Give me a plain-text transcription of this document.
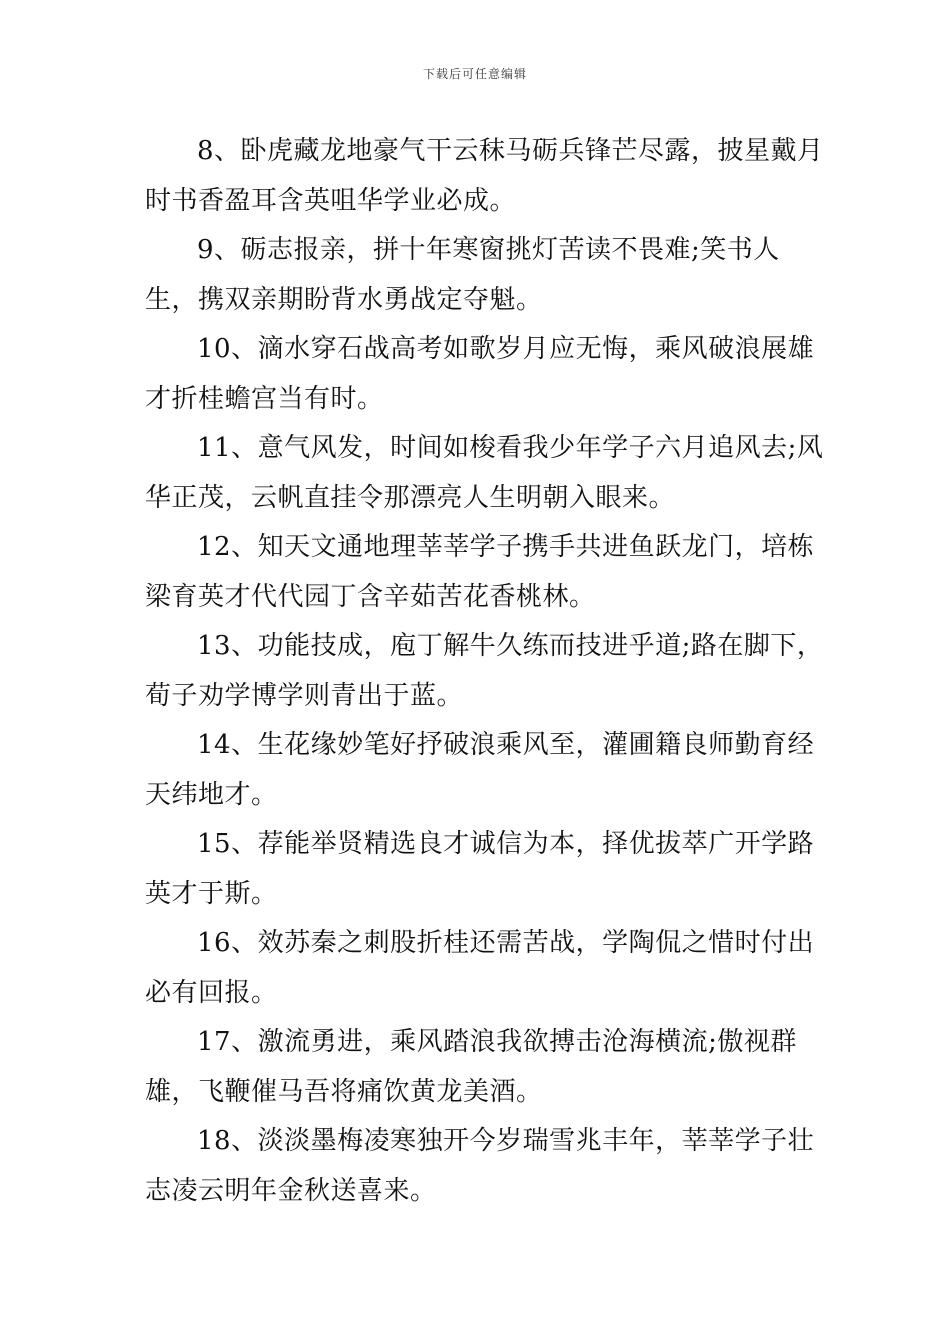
下载后可任意编辑

8、卧虎藏龙地豪气干云秣马砺兵锋芒尽露，披星戴月时书香盈耳含英咀华学业必成。

9、砺志报亲，拼十年寒窗挑灯苦读不畏难;笑书人生，携双亲期盼背水勇战定夺魁。

10、滴水穿石战高考如歌岁月应无悔，乘风破浪展雄才折桂蟾宫当有时。

11、意气风发，时间如梭看我少年学子六月追风去;风华正茂，云帆直挂令那漂亮人生明朝入眼来。

12、知天文通地理莘莘学子携手共进鱼跃龙门，培栋梁育英才代代园丁含辛茹苦花香桃林。

13、功能技成，庖丁解牛久练而技进乎道;路在脚下，荀子劝学博学则青出于蓝。

14、生花缘妙笔好抒破浪乘风至，灌圃籍良师勤育经天纬地才。

15、荐能举贤精选良才诚信为本，择优拔萃广开学路英才于斯。

16、效苏秦之刺股折桂还需苦战，学陶侃之惜时付出必有回报。

17、激流勇进，乘风踏浪我欲搏击沧海横流;傲视群雄，飞鞭催马吾将痛饮黄龙美酒。

18、淡淡墨梅凌寒独开今岁瑞雪兆丰年，莘莘学子壮志凌云明年金秋送喜来。
